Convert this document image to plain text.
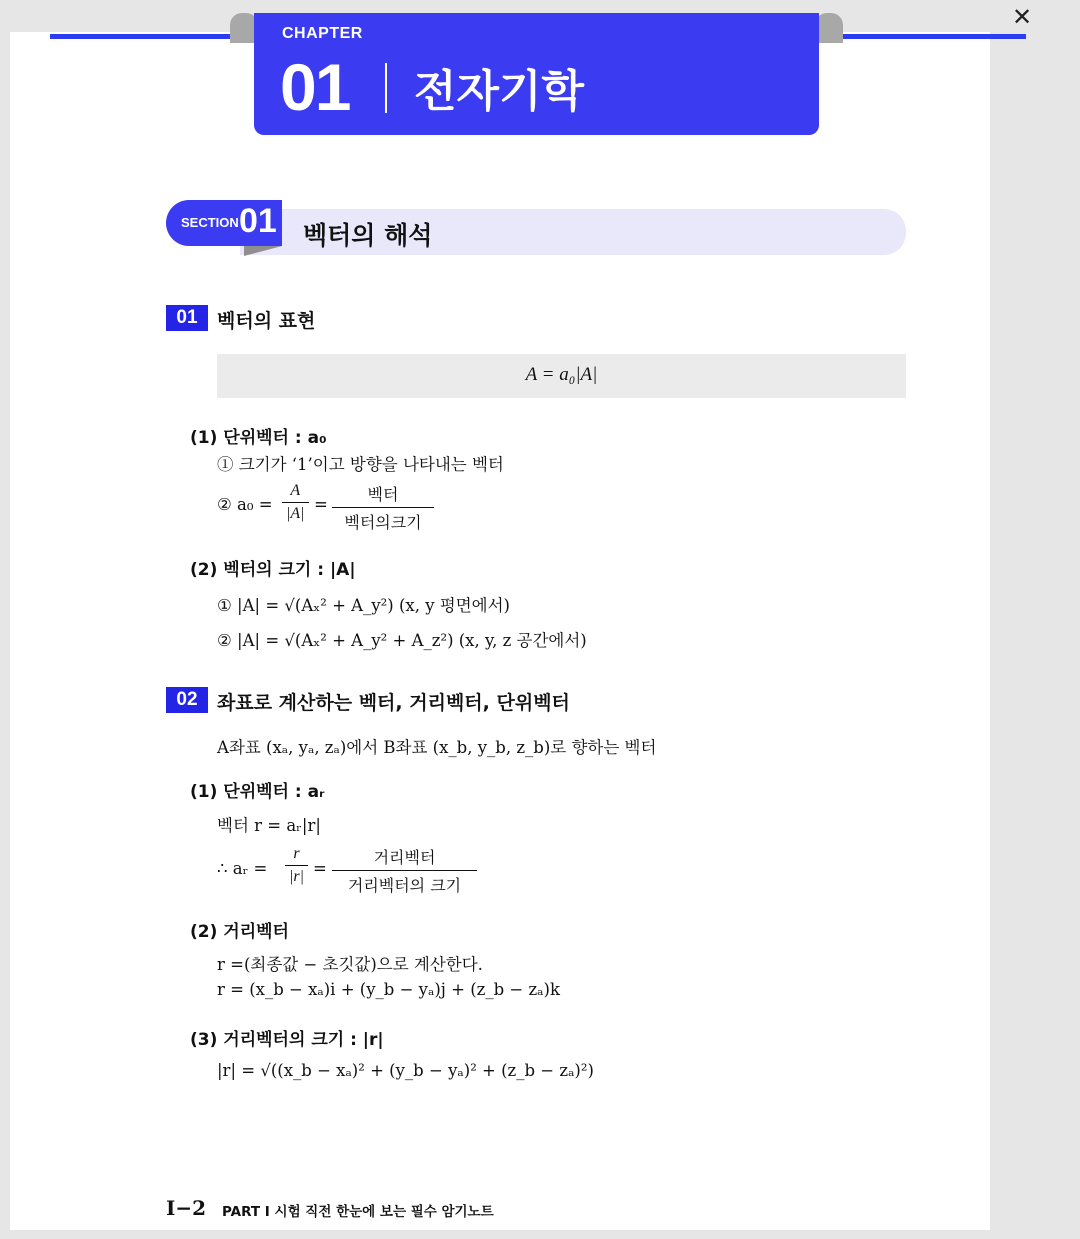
✕
CHAPTER
01 전자기학
SECTION 01 벡터의 해석
01	벡터의 표현
A = a₀|A|
(1) 단위벡터 : a₀
① 크기가 ‘1’이고 방향을 나타내는 벡터
② a₀ =
A
|A| =
벡터
벡터의크기
(2) 벡터의 크기 : |A|
① |A| = √(Aₓ² + A_y²) (x, y 평면에서)
② |A| = √(Aₓ² + A_y² + A_z²) (x, y, z 공간에서)
02	좌표로 계산하는 벡터, 거리벡터, 단위벡터
A좌표 (xₐ, yₐ, zₐ)에서 B좌표 (x_b, y_b, z_b)로 향하는 벡터
(1) 단위벡터 : aᵣ
벡터 r = aᵣ|r|
∴ aᵣ =
r
|r| =
거리벡터
거리벡터의 크기
(2) 거리벡터
r =(최종값 − 초깃값)으로 계산한다.
r = (x_b − xₐ)i + (y_b − yₐ)j + (z_b − zₐ)k
(3) 거리벡터의 크기 : |r|
|r| = √((x_b − xₐ)² + (y_b − yₐ)² + (z_b − zₐ)²)
I−2 PART I 시험 직전 한눈에 보는 필수 암기노트
